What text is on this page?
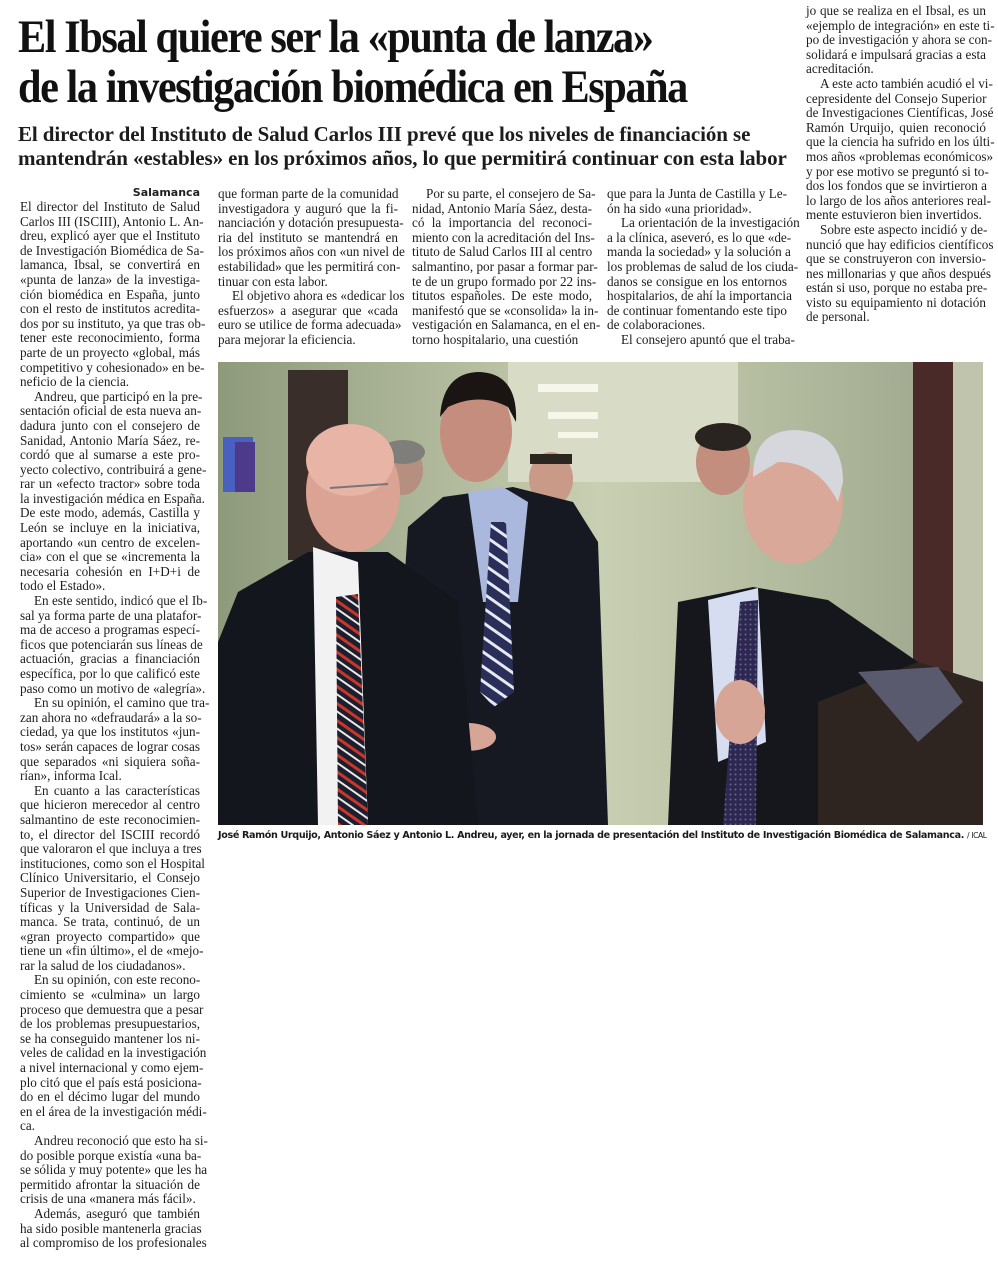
El Ibsal quiere ser la «punta de lanza»
de la investigación biomédica en España
El director del Instituto de Salud Carlos III prevé que los niveles de financiación se
mantendrán «estables» en los próximos años, lo que permitirá continuar con esta labor
Salamanca
El director del Instituto de Salud
Carlos III (ISCIII), Antonio L. An-
dreu, explicó ayer que el Instituto
de Investigación Biomédica de Sa-
lamanca, Ibsal, se convertirá en
«punta de lanza» de la investiga-
ción biomédica en España, junto
con el resto de institutos acredita-
dos por su instituto, ya que tras ob-
tener este reconocimiento, forma
parte de un proyecto «global, más
competitivo y cohesionado» en be-
neficio de la ciencia.
Andreu, que participó en la pre-
sentación oficial de esta nueva an-
dadura junto con el consejero de
Sanidad, Antonio María Sáez, re-
cordó que al sumarse a este pro-
yecto colectivo, contribuirá a gene-
rar un «efecto tractor» sobre toda
la investigación médica en España.
De este modo, además, Castilla y
León se incluye en la iniciativa,
aportando «un centro de excelen-
cia» con el que se «incrementa la
necesaria cohesión en I+D+i de
todo el Estado».
En este sentido, indicó que el Ib-
sal ya forma parte de una platafor-
ma de acceso a programas especí-
ficos que potenciarán sus líneas de
actuación, gracias a financiación
específica, por lo que calificó este
paso como un motivo de «alegría».
En su opinión, el camino que tra-
zan ahora no «defraudará» a la so-
ciedad, ya que los institutos «jun-
tos» serán capaces de lograr cosas
que separados «ni siquiera soña-
rían», informa Ical.
En cuanto a las características
que hicieron merecedor al centro
salmantino de este reconocimien-
to, el director del ISCIII recordó
que valoraron el que incluya a tres
instituciones, como son el Hospital
Clínico Universitario, el Consejo
Superior de Investigaciones Cien-
tíficas y la Universidad de Sala-
manca. Se trata, continuó, de un
«gran proyecto compartido» que
tiene un «fin último», el de «mejo-
rar la salud de los ciudadanos».
En su opinión, con este recono-
cimiento se «culmina» un largo
proceso que demuestra que a pesar
de los problemas presupuestarios,
se ha conseguido mantener los ni-
veles de calidad en la investigación
a nivel internacional y como ejem-
plo citó que el país está posiciona-
do en el décimo lugar del mundo
en el área de la investigación médi-
ca.
Andreu reconoció que esto ha si-
do posible porque existía «una ba-
se sólida y muy potente» que les ha
permitido afrontar la situación de
crisis de una «manera más fácil».
Además, aseguró que también
ha sido posible mantenerla gracias
al compromiso de los profesionales
que forman parte de la comunidad
investigadora y auguró que la fi-
nanciación y dotación presupuesta-
ria del instituto se mantendrá en
los próximos años con «un nivel de
estabilidad» que les permitirá con-
tinuar con esta labor.
El objetivo ahora es «dedicar los
esfuerzos» a asegurar que «cada
euro se utilice de forma adecuada»
para mejorar la eficiencia.
Por su parte, el consejero de Sa-
nidad, Antonio María Sáez, desta-
có la importancia del reconoci-
miento con la acreditación del Ins-
tituto de Salud Carlos III al centro
salmantino, por pasar a formar par-
te de un grupo formado por 22 ins-
titutos españoles. De este modo,
manifestó que se «consolida» la in-
vestigación en Salamanca, en el en-
torno hospitalario, una cuestión
que para la Junta de Castilla y Le-
ón ha sido «una prioridad».
La orientación de la investigación
a la clínica, aseveró, es lo que «de-
manda la sociedad» y la solución a
los problemas de salud de los ciuda-
danos se consigue en los entornos
hospitalarios, de ahí la importancia
de continuar fomentando este tipo
de colaboraciones.
El consejero apuntó que el traba-
jo que se realiza en el Ibsal, es un
«ejemplo de integración» en este ti-
po de investigación y ahora se con-
solidará e impulsará gracias a esta
acreditación.
A este acto también acudió el vi-
cepresidente del Consejo Superior
de Investigaciones Científicas, José
Ramón Urquijo, quien reconoció
que la ciencia ha sufrido en los últi-
mos años «problemas económicos»
y por ese motivo se preguntó si to-
dos los fondos que se invirtieron a
lo largo de los años anteriores real-
mente estuvieron bien invertidos.
Sobre este aspecto incidió y de-
nunció que hay edificios científicos
que se construyeron con inversio-
nes millonarias y que años después
están si uso, porque no estaba pre-
visto su equipamiento ni dotación
de personal.
José Ramón Urquijo, Antonio Sáez y Antonio L. Andreu, ayer, en la jornada de presentación del Instituto de Investigación Biomédica de Salamanca. / ICAL
